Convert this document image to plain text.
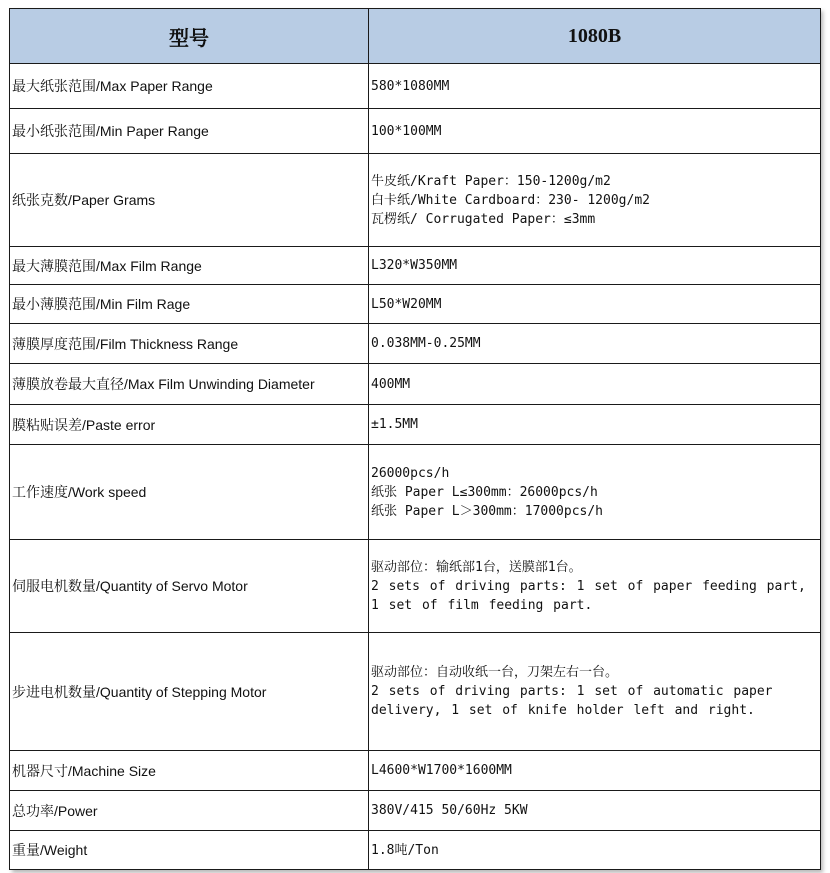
型号	1080B
最大纸张范围/Max Paper Range	580*1080MM

最小纸张范围/Min Paper Range	100*100MM

纸张克数/Paper Grams	牛皮纸/Kraft Paper：150-1200g/m2
白卡纸/White Cardboard：230- 1200g/m2
瓦楞纸/ Corrugated Paper：≤3mm

最大薄膜范围/Max Film Range	L320*W350MM

最小薄膜范围/Min Film Rage	L50*W20MM

薄膜厚度范围/Film Thickness Range	0.038MM-0.25MM

薄膜放卷最大直径/Max Film Unwinding Diameter	400MM

膜粘贴误差/Paste error	±1.5MM

工作速度/Work speed	26000pcs/h
纸张 Paper L≤300mm：26000pcs/h
纸张 Paper L＞300mm：17000pcs/h

伺服电机数量/Quantity of Servo Motor	驱动部位：输纸部1台，送膜部1台。
2 sets of driving parts: 1 set of paper feeding part, 1 set of film feeding part.

步进电机数量/Quantity of Stepping Motor	驱动部位：自动收纸一台，刀架左右一台。
2 sets of driving parts: 1 set of automatic paper delivery, 1 set of knife holder left and right.

机器尺寸/Machine Size	L4600*W1700*1600MM

总功率/Power	380V/415 50/60Hz 5KW

重量/Weight	1.8吨/Ton
